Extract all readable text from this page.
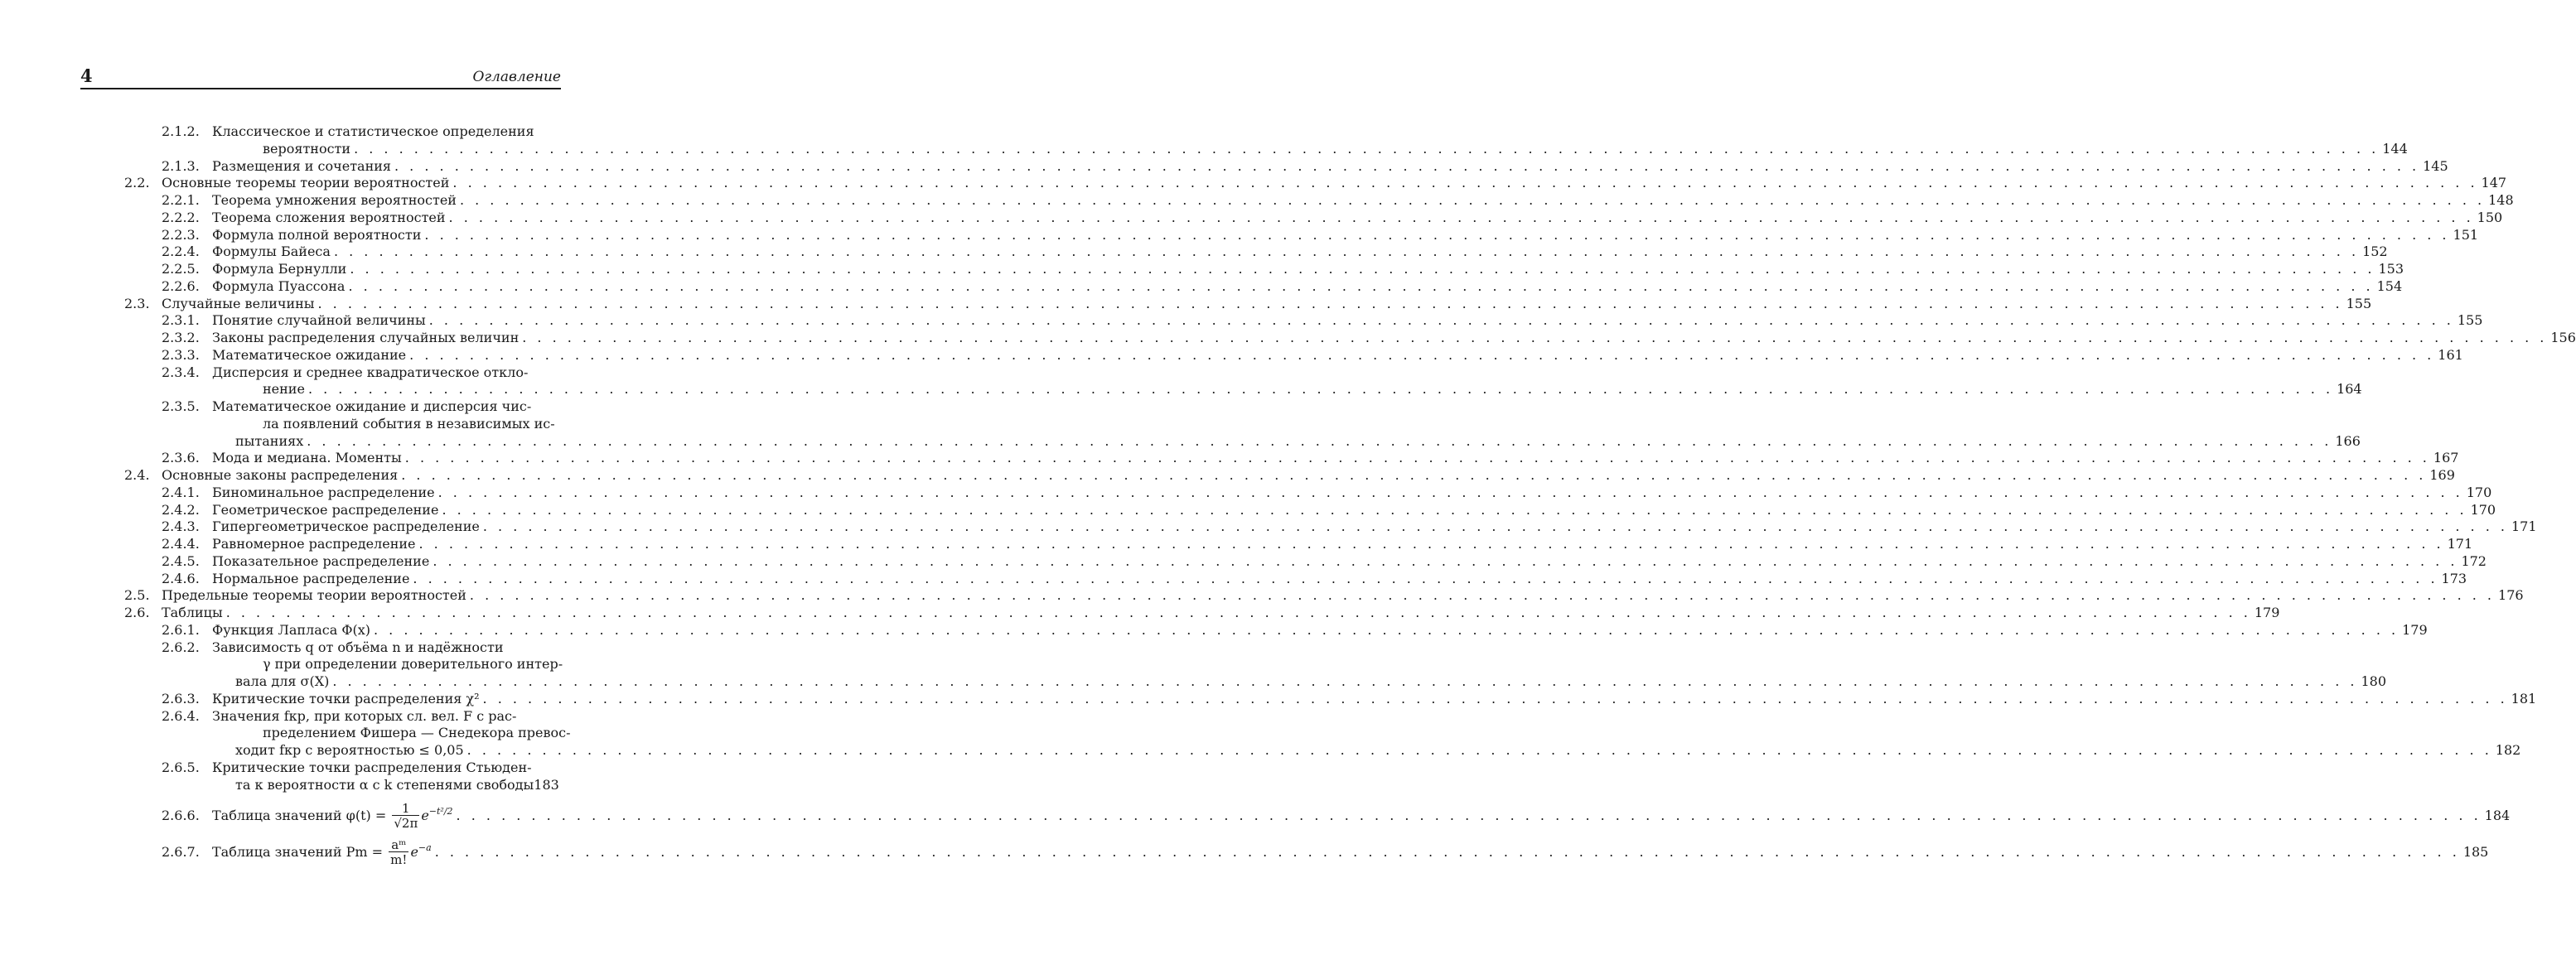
4	Оглавление
2.1.2. Классическое и статистическое определения
вероятности . . .	144
2.1.3. Размещения и сочетания . . .	145
2.2. Основные теоремы теории вероятностей . . .	147
2.2.1. Теорема умножения вероятностей . . .	148
2.2.2. Теорема сложения вероятностей . . .	150
2.2.3. Формула полной вероятности . . .	151
2.2.4. Формулы Байеса . . .	152
2.2.5. Формула Бернулли . . .	153
2.2.6. Формула Пуассона . . .	154
2.3. Случайные величины . . .	155
2.3.1. Понятие случайной величины . . .	155
2.3.2. Законы распределения случайных величин . . .	156
2.3.3. Математическое ожидание . . .	161
2.3.4. Дисперсия и среднее квадратическое откло-
нение . . .	164
2.3.5. Математическое ожидание и дисперсия чис-
ла появлений события в независимых ис-
пытаниях . . .	166
2.3.6. Мода и медиана. Моменты . . .	167
2.4. Основные законы распределения . . .	169
2.4.1. Биноминальное распределение . . .	170
2.4.2. Геометрическое распределение . . .	170
2.4.3. Гипергеометрическое распределение . . .	171
2.4.4. Равномерное распределение . . .	171
2.4.5. Показательное распределение . . .	172
2.4.6. Нормальное распределение . . .	173
2.5. Предельные теоремы теории вероятностей . . .	176
2.6. Таблицы . . .	179
2.6.1. Функция Лапласа Φ(x) . . .	179
2.6.2. Зависимость q от объёма n и надёжности
γ при определении доверительного интер-
вала для σ(X) . . .	180
2.6.3. Критические точки распределения χ² . . .	181
2.6.4. Значения fкр, при которых сл. вел. F с рас-
пределением Фишера — Снедекора превос-
ходит fкр с вероятностью ≤ 0,05 . . .	182
2.6.5. Критические точки распределения Стьюден-
та к вероятности α с k степенями свободы 183
2.6.6. Таблица значений $\varphi(t) = \frac{1}{√2\pi} e^{-t^2/2}$ . . .	184
2.6.7. Таблица значений $Pm = \frac{\text{aᵐ}}{m!} e^{-a}$ . . .	185
